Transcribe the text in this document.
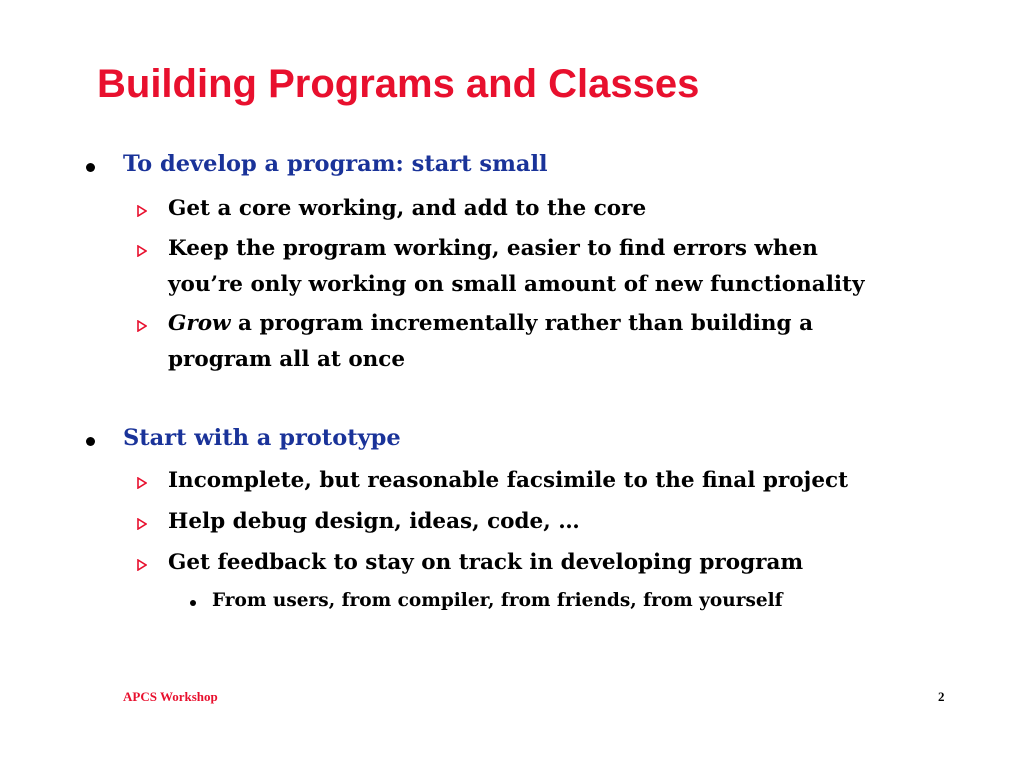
Building Programs and Classes
To develop a program: start small
Get a core working, and add to the core
Keep the program working, easier to find errors when
you’re only working on small amount of new functionality
Grow a program incrementally rather than building a
program all at once
Start with a prototype
Incomplete, but reasonable facsimile to the final project
Help debug design, ideas, code, …
Get feedback to stay on track in developing program
From users, from compiler, from friends, from yourself
APCS Workshop	2
